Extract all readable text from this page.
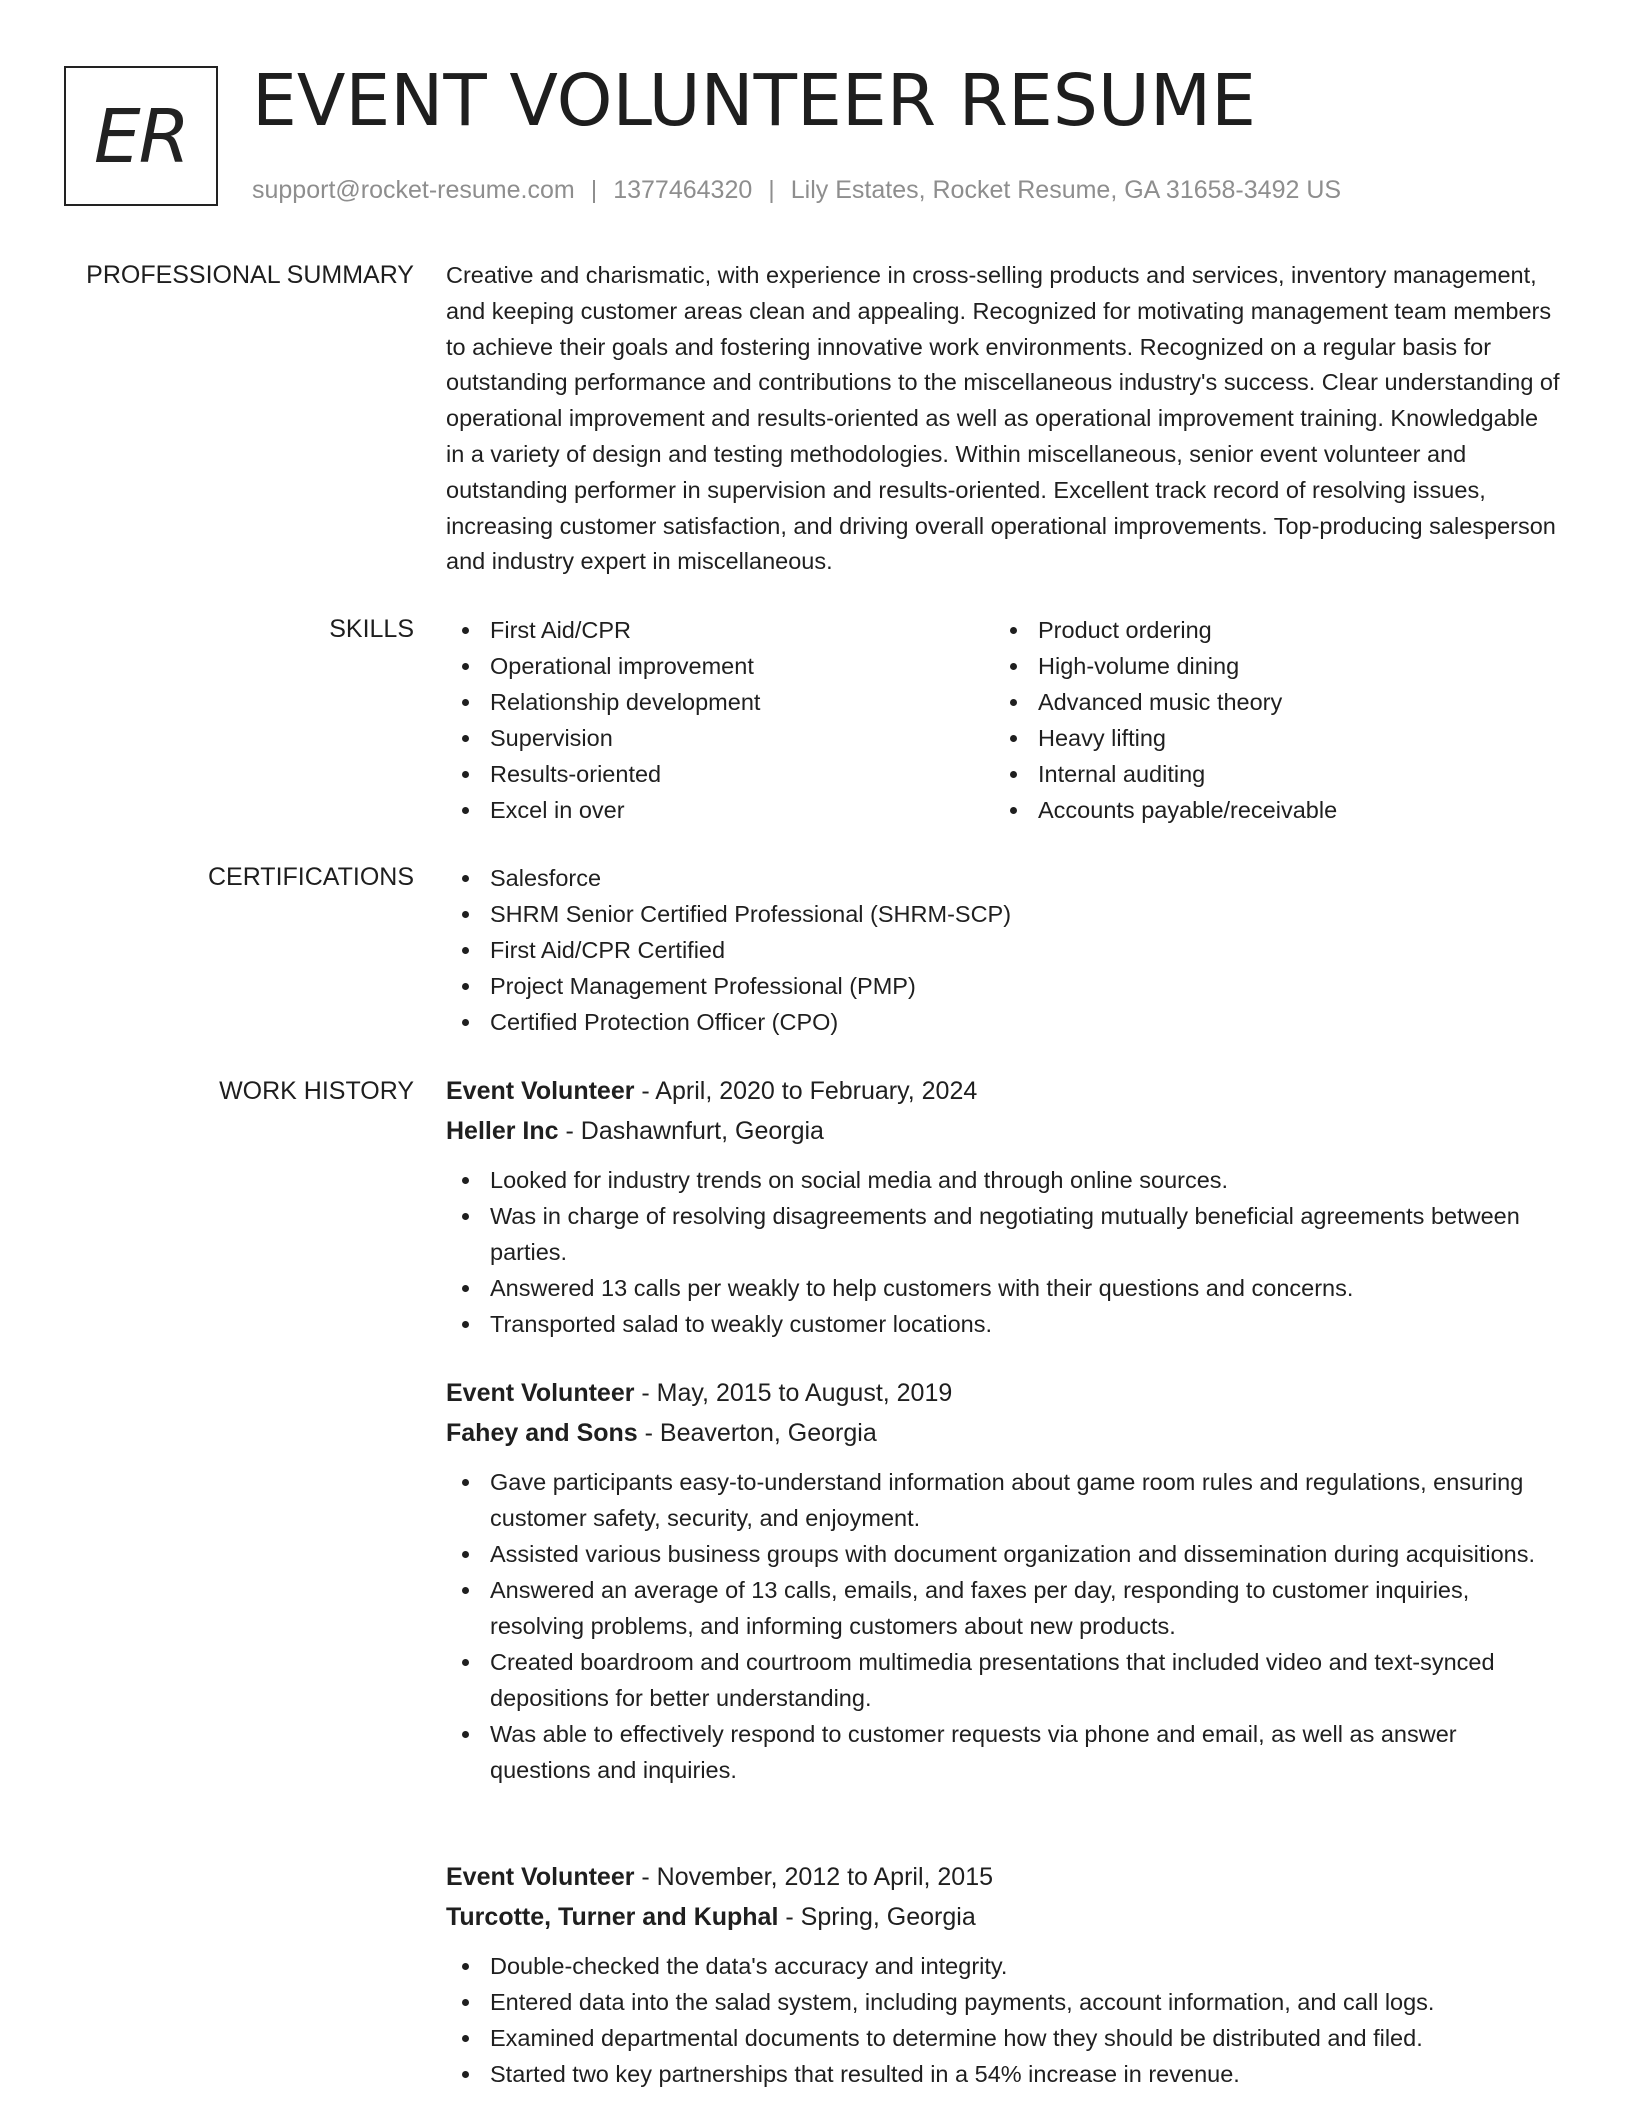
ER EVENT VOLUNTEER RESUME
support@rocket-resume.com | 1377464320 | Lily Estates, Rocket Resume, GA 31658-3492 US
PROFESSIONAL SUMMARY Creative and charismatic, with experience in cross-selling products and services, inventory management, and keeping customer areas clean and appealing. Recognized for motivating management team members to achieve their goals and fostering innovative work environments. Recognized on a regular basis for outstanding performance and contributions to the miscellaneous industry's success. Clear understanding of operational improvement and results-oriented as well as operational improvement training. Knowledgable in a variety of design and testing methodologies. Within miscellaneous, senior event volunteer and outstanding performer in supervision and results-oriented. Excellent track record of resolving issues, increasing customer satisfaction, and driving overall operational improvements. Top-producing salesperson and industry expert in miscellaneous.

SKILLS	First Aid/CPR
Operational improvement
Relationship development
Supervision
Results-oriented
Excel in over
Product ordering
High-volume dining
Advanced music theory
Heavy lifting
Internal auditing
Accounts payable/receivable
CERTIFICATIONS	Salesforce
SHRM Senior Certified Professional (SHRM-SCP)
First Aid/CPR Certified
Project Management Professional (PMP)
Certified Protection Officer (CPO)
WORK HISTORY Event Volunteer - April, 2020 to February, 2024
Heller Inc - Dashawnfurt, Georgia
Looked for industry trends on social media and through online sources.
Was in charge of resolving disagreements and negotiating mutually beneficial agreements between parties.
Answered 13 calls per weakly to help customers with their questions and concerns.
Transported salad to weakly customer locations.
Event Volunteer - May, 2015 to August, 2019
Fahey and Sons - Beaverton, Georgia
Gave participants easy-to-understand information about game room rules and regulations, ensuring customer safety, security, and enjoyment.
Assisted various business groups with document organization and dissemination during acquisitions.
Answered an average of 13 calls, emails, and faxes per day, responding to customer inquiries, resolving problems, and informing customers about new products.
Created boardroom and courtroom multimedia presentations that included video and text-synced depositions for better understanding.
Was able to effectively respond to customer requests via phone and email, as well as answer questions and inquiries.
Event Volunteer - November, 2012 to April, 2015
Turcotte, Turner and Kuphal - Spring, Georgia
Double-checked the data's accuracy and integrity.
Entered data into the salad system, including payments, account information, and call logs.
Examined departmental documents to determine how they should be distributed and filed.
Started two key partnerships that resulted in a 54% increase in revenue.
